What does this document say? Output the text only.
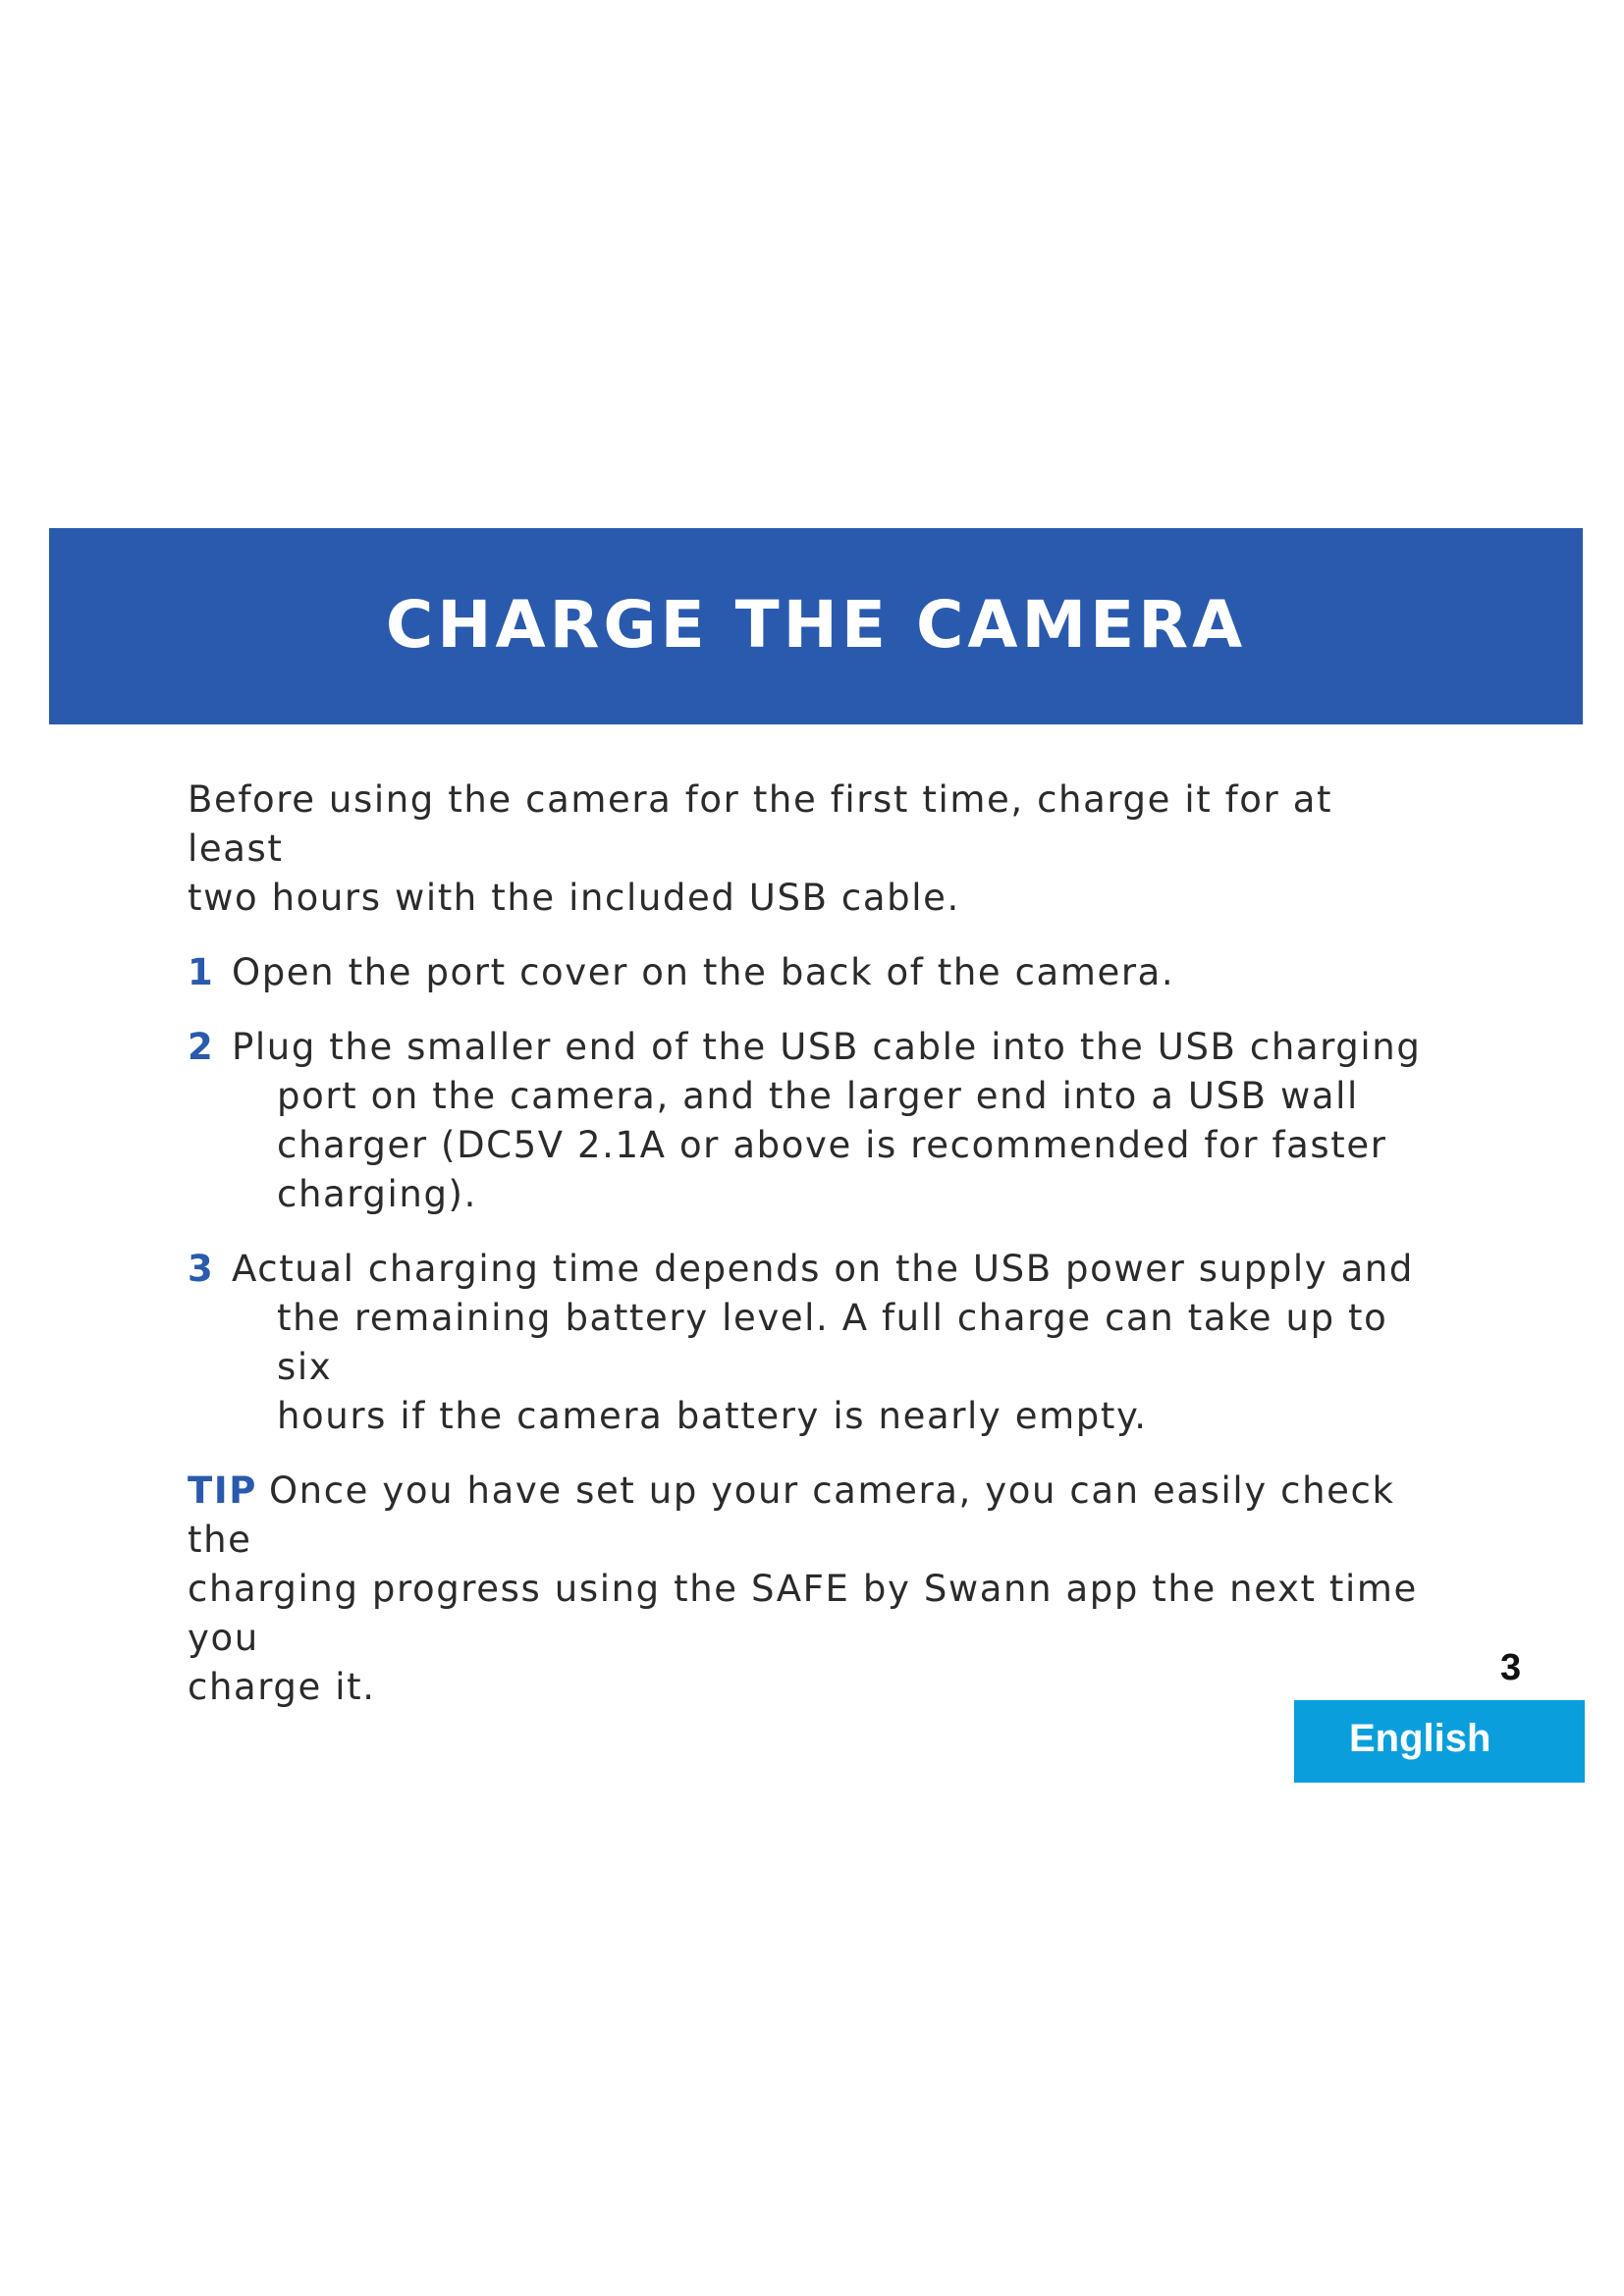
CHARGE THE CAMERA

Before using the camera for the first time, charge it for at least
two hours with the included USB cable.

1 Open the port cover on the back of the camera.

2 Plug the smaller end of the USB cable into the USB charging
port on the camera, and the larger end into a USB wall
charger (DC5V 2.1A or above is recommended for faster
charging).

3 Actual charging time depends on the USB power supply and
the remaining battery level. A full charge can take up to six
hours if the camera battery is nearly empty.

TIP Once you have set up your camera, you can easily check the
charging progress using the SAFE by Swann app the next time you
charge it.	3
English
